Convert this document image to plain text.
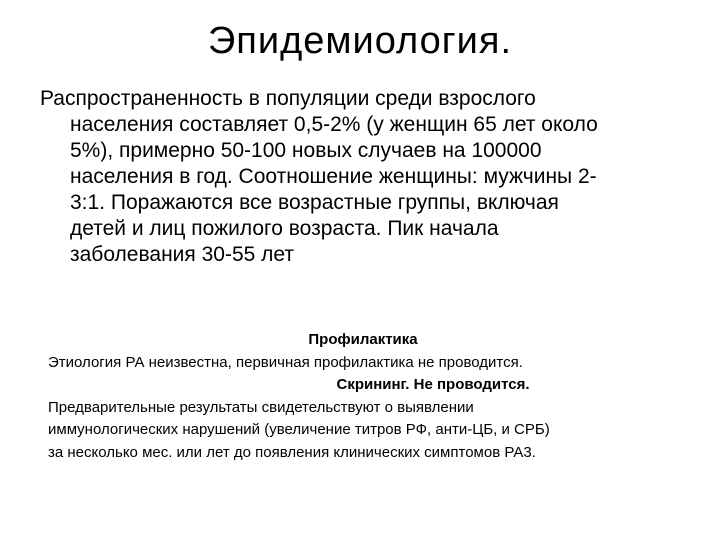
Эпидемиология.
Распространенность в популяции среди взрослого
населения составляет 0,5-2% (у женщин 65 лет около
5%), примерно 50-100 новых случаев на 100000
населения в год. Соотношение женщины: мужчины 2-
3:1. Поражаются все возрастные группы, включая
детей и лиц пожилого возраста. Пик начала
заболевания 30-55 лет
Профилактика
Этиология РА неизвестна, первичная профилактика не проводится.
Скрининг. Не проводится.
Предварительные результаты свидетельствуют о выявлении
иммунологических нарушений (увеличение титров РФ, анти-ЦБ, и СРБ)
за несколько мес. или лет до появления клинических симптомов РА3.
